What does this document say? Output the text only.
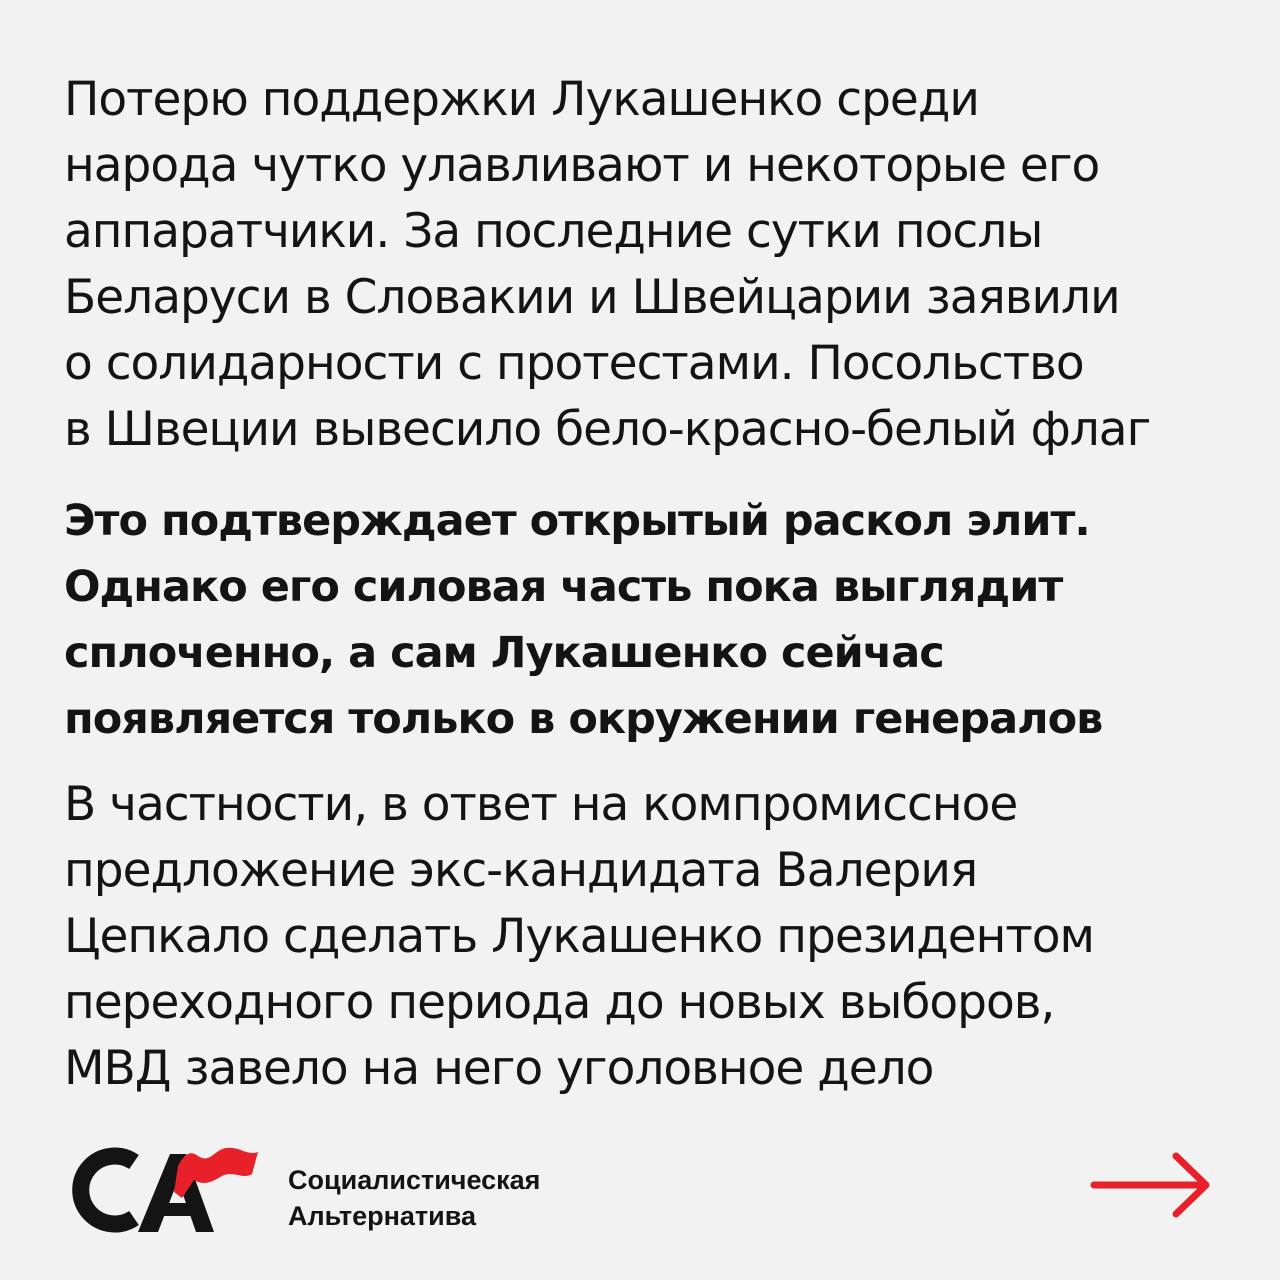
Потерю поддержки Лукашенко среди
народа чутко улавливают и некоторые его
аппаратчики. За последние сутки послы
Беларуси в Словакии и Швейцарии заявили
о солидарности с протестами. Посольство
в Швеции вывесило бело-красно-белый флаг
Это подтверждает открытый раскол элит.
Однако его силовая часть пока выглядит
сплоченно, а сам Лукашенко сейчас
появляется только в окружении генералов
В частности, в ответ на компромиссное
предложение экс-кандидата Валерия
Цепкало сделать Лукашенко президентом
переходного периода до новых выборов,
МВД завело на него уголовное дело
Социалистическая
Альтернатива
